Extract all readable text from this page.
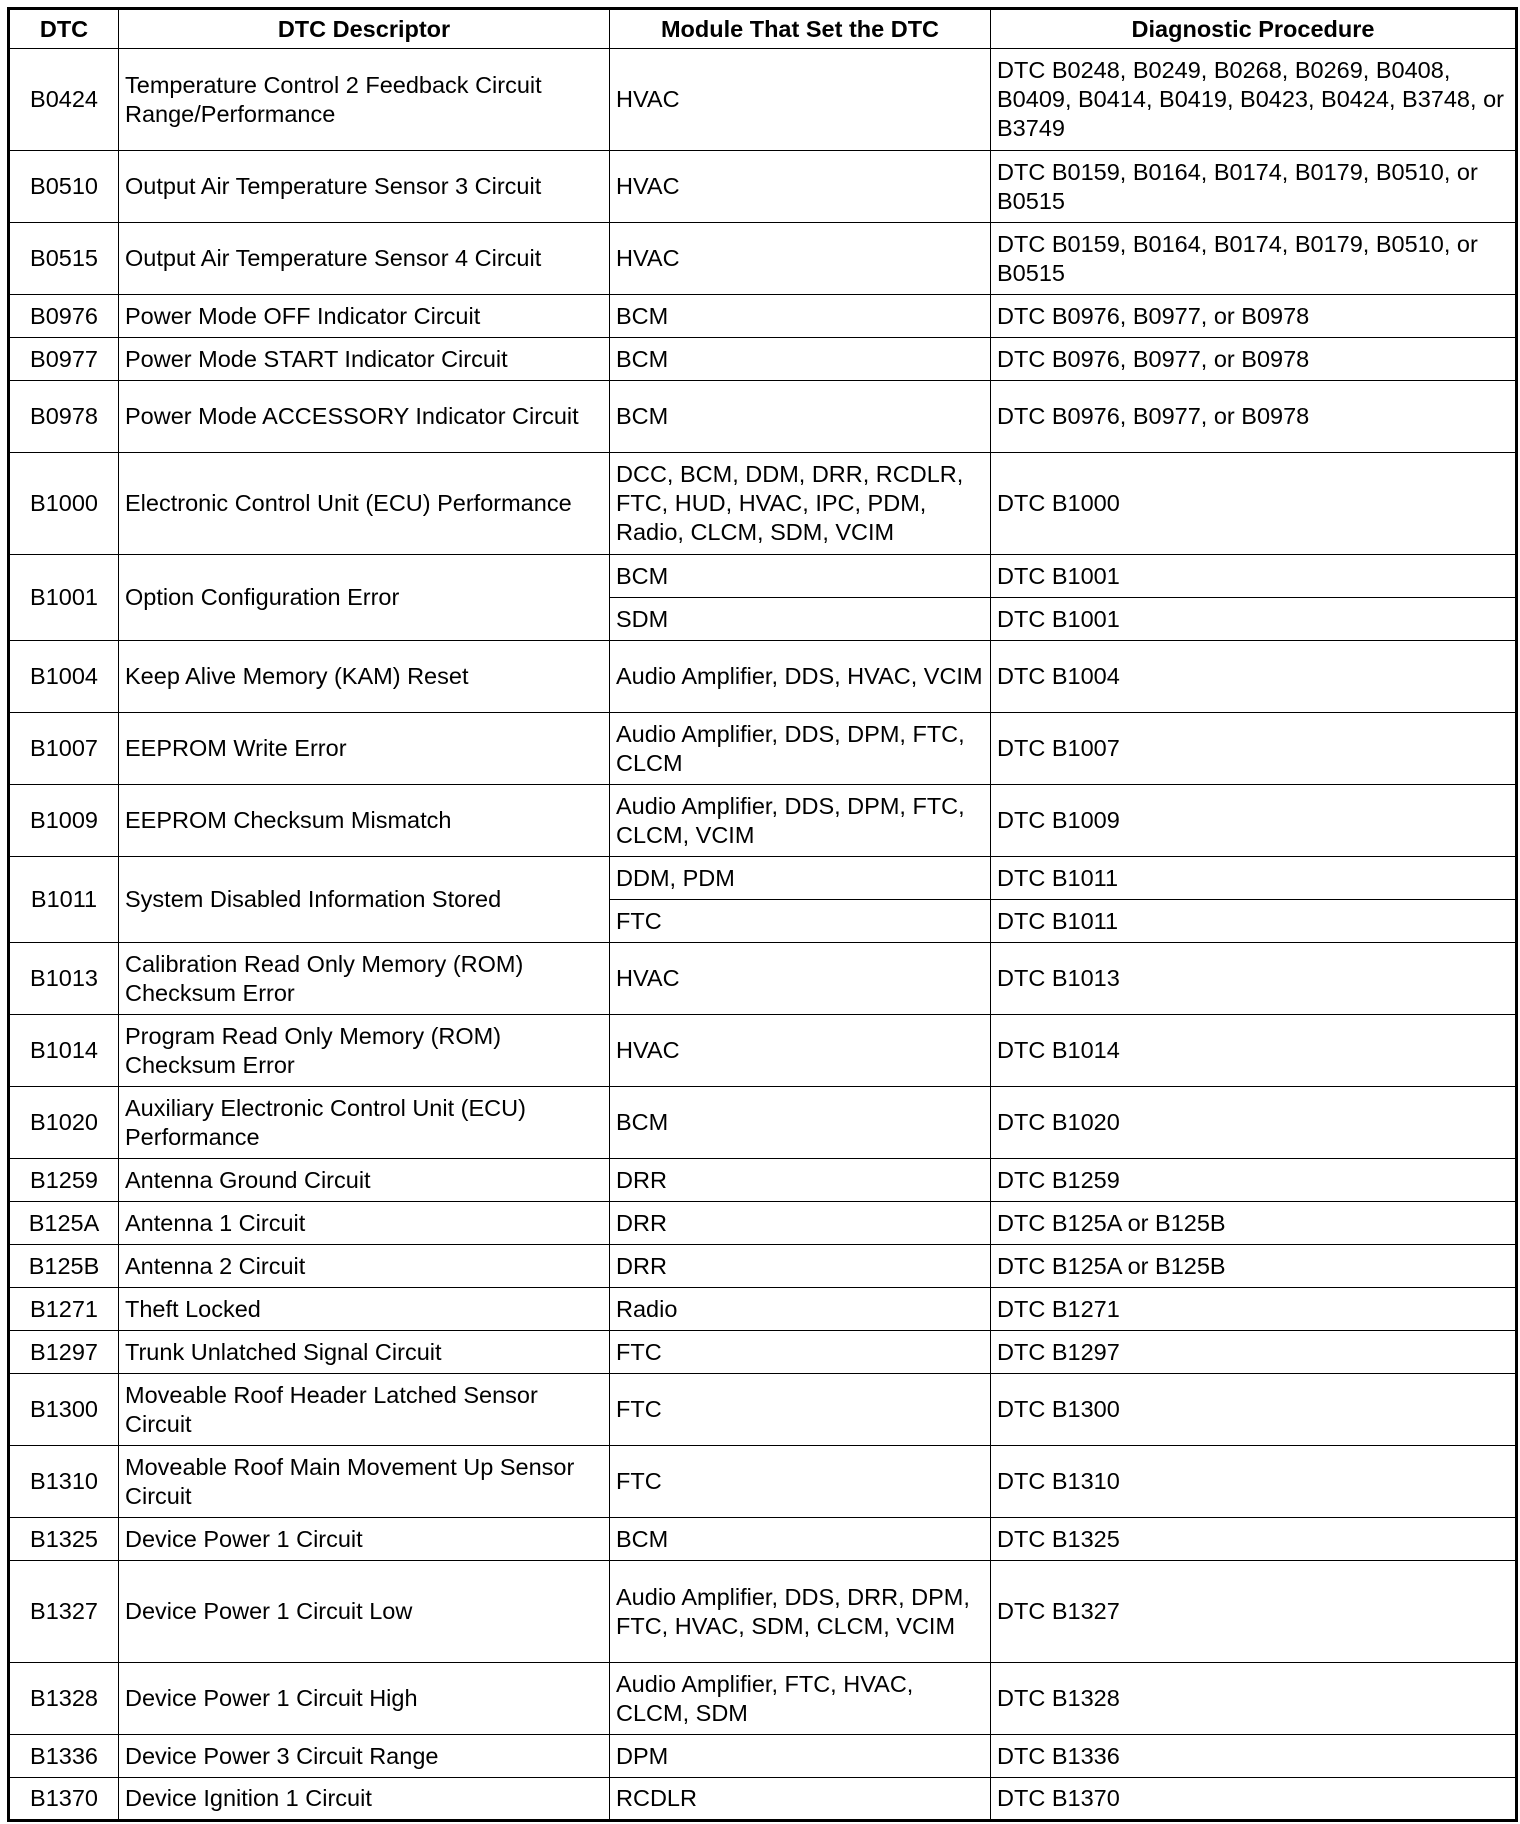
DTC	DTC Descriptor	Module That Set the DTC	Diagnostic Procedure
B0424	Temperature Control 2 Feedback Circuit Range/Performance	HVAC	DTC B0248, B0249, B0268, B0269, B0408, B0409, B0414, B0419, B0423, B0424, B3748, or B3749
B0510	Output Air Temperature Sensor 3 Circuit	HVAC	DTC B0159, B0164, B0174, B0179, B0510, or B0515
B0515	Output Air Temperature Sensor 4 Circuit	HVAC	DTC B0159, B0164, B0174, B0179, B0510, or B0515
B0976	Power Mode OFF Indicator Circuit	BCM	DTC B0976, B0977, or B0978
B0977	Power Mode START Indicator Circuit	BCM	DTC B0976, B0977, or B0978
B0978	Power Mode ACCESSORY Indicator Circuit	BCM	DTC B0976, B0977, or B0978
B1000	Electronic Control Unit (ECU) Performance	DCC, BCM, DDM, DRR, RCDLR, FTC, HUD, HVAC, IPC, PDM, Radio, CLCM, SDM, VCIM	DTC B1000
B1001	Option Configuration Error	BCM	DTC B1001
		SDM	DTC B1001
B1004	Keep Alive Memory (KAM) Reset	Audio Amplifier, DDS, HVAC, VCIM	DTC B1004
B1007	EEPROM Write Error	Audio Amplifier, DDS, DPM, FTC, CLCM	DTC B1007
B1009	EEPROM Checksum Mismatch	Audio Amplifier, DDS, DPM, FTC, CLCM, VCIM	DTC B1009
B1011	System Disabled Information Stored	DDM, PDM	DTC B1011
		FTC	DTC B1011
B1013	Calibration Read Only Memory (ROM) Checksum Error	HVAC	DTC B1013
B1014	Program Read Only Memory (ROM) Checksum Error	HVAC	DTC B1014
B1020	Auxiliary Electronic Control Unit (ECU) Performance	BCM	DTC B1020
B1259	Antenna Ground Circuit	DRR	DTC B1259
B125A	Antenna 1 Circuit	DRR	DTC B125A or B125B
B125B	Antenna 2 Circuit	DRR	DTC B125A or B125B
B1271	Theft Locked	Radio	DTC B1271
B1297	Trunk Unlatched Signal Circuit	FTC	DTC B1297
B1300	Moveable Roof Header Latched Sensor Circuit	FTC	DTC B1300
B1310	Moveable Roof Main Movement Up Sensor Circuit	FTC	DTC B1310
B1325	Device Power 1 Circuit	BCM	DTC B1325
B1327	Device Power 1 Circuit Low	Audio Amplifier, DDS, DRR, DPM, FTC, HVAC, SDM, CLCM, VCIM	DTC B1327
B1328	Device Power 1 Circuit High	Audio Amplifier, FTC, HVAC, CLCM, SDM	DTC B1328
B1336	Device Power 3 Circuit Range	DPM	DTC B1336
B1370	Device Ignition 1 Circuit	RCDLR	DTC B1370
